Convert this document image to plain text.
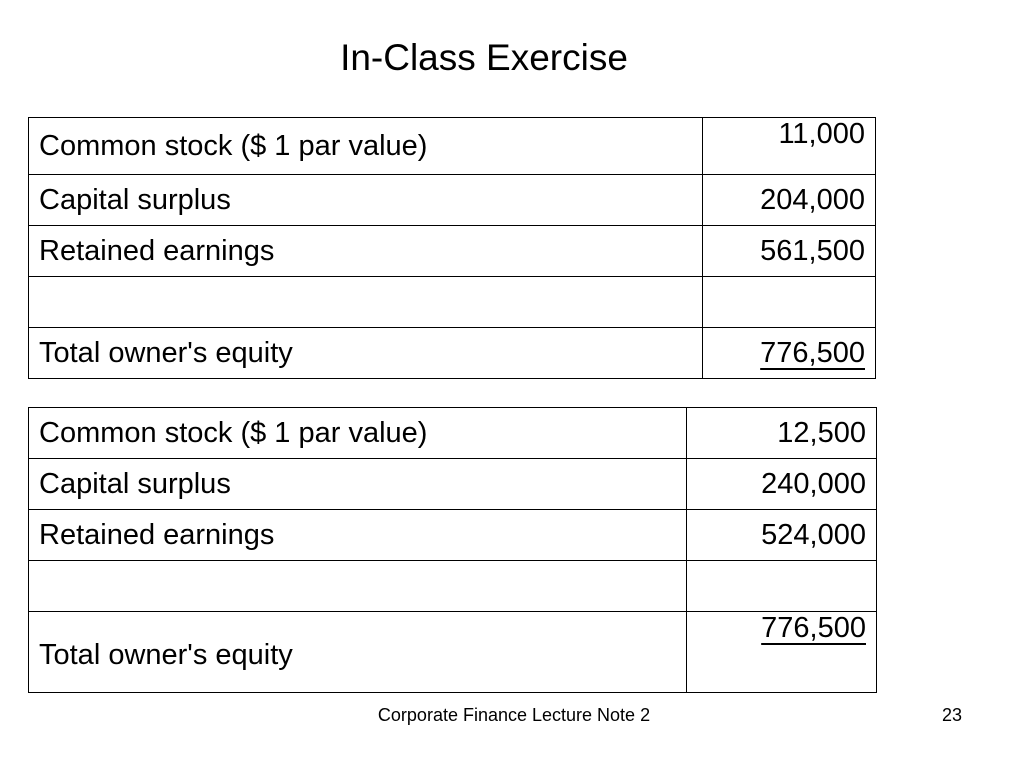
In-Class Exercise
Common stock ($ 1 par value)	11,000
Capital surplus	204,000
Retained earnings	561,500

Total owner's equity	776,500
Common stock ($ 1 par value)	12,500
Capital surplus	240,000
Retained earnings	524,000

Total owner's equity	776,500
Corporate Finance Lecture Note 2	23
